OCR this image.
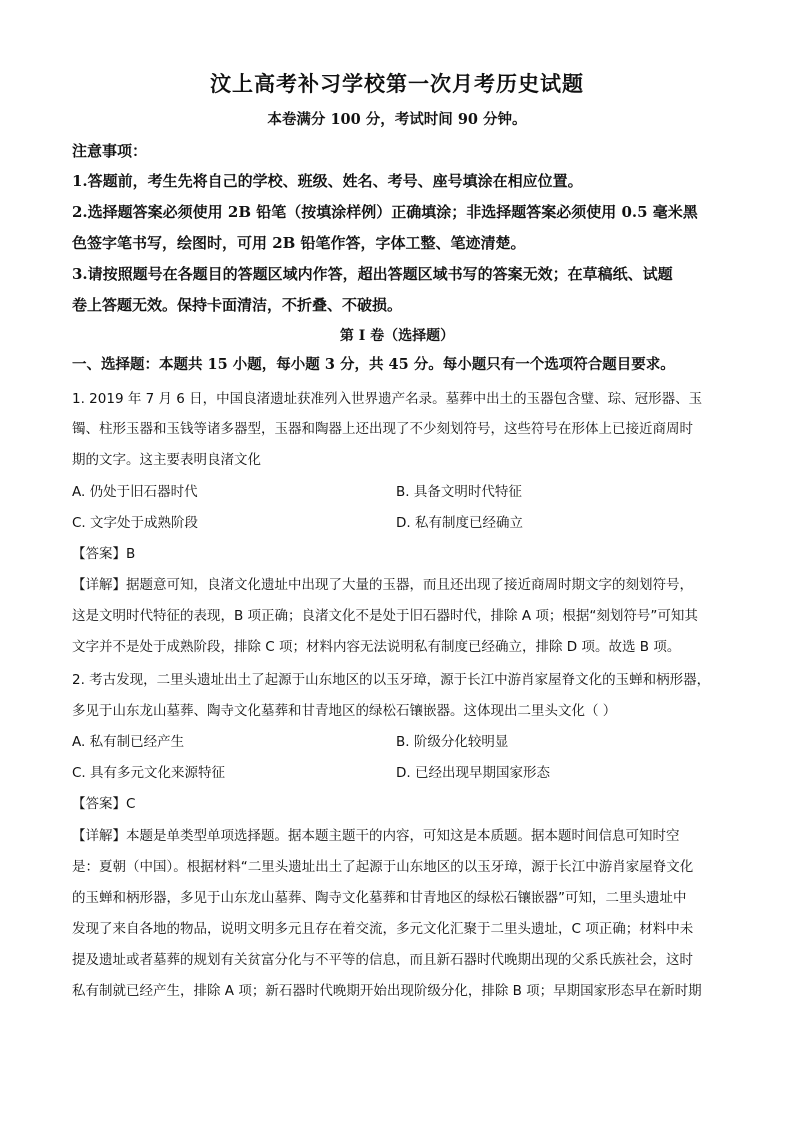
汶上高考补习学校第一次月考历史试题
本卷满分 100 分，考试时间 90 分钟。
注意事项：
1.答题前，考生先将自己的学校、班级、姓名、考号、座号填涂在相应位置。
2.选择题答案必须使用 2B 铅笔（按填涂样例）正确填涂；非选择题答案必须使用 0.5 毫米黑
色签字笔书写，绘图时，可用 2B 铅笔作答，字体工整、笔迹清楚。
3.请按照题号在各题目的答题区域内作答，超出答题区域书写的答案无效；在草稿纸、试题
卷上答题无效。保持卡面清洁，不折叠、不破损。
第 I 卷（选择题）
一、选择题：本题共 15 小题，每小题 3 分，共 45 分。每小题只有一个选项符合题目要求。
1. 2019 年 7 月 6 日，中国良渚遗址获准列入世界遗产名录。墓葬中出土的玉器包含璧、琮、冠形器、玉
镯、柱形玉器和玉钱等诸多器型，玉器和陶器上还出现了不少刻划符号，这些符号在形体上已接近商周时
期的文字。这主要表明良渚文化
A. 仍处于旧石器时代	B. 具备文明时代特征
C. 文字处于成熟阶段	D. 私有制度已经确立
【答案】B
【详解】据题意可知，良渚文化遗址中出现了大量的玉器，而且还出现了接近商周时期文字的刻划符号，
这是文明时代特征的表现，B 项正确；良渚文化不是处于旧石器时代，排除 A 项；根据“刻划符号”可知其
文字并不是处于成熟阶段，排除 C 项；材料内容无法说明私有制度已经确立，排除 D 项。故选 B 项。
2. 考古发现，二里头遗址出土了起源于山东地区的以玉牙璋，源于长江中游肖家屋脊文化的玉蝉和柄形器，
多见于山东龙山墓葬、陶寺文化墓葬和甘青地区的绿松石镶嵌器。这体现出二里头文化（ ）
A. 私有制已经产生	B. 阶级分化较明显
C. 具有多元文化来源特征	D. 已经出现早期国家形态
【答案】C
【详解】本题是单类型单项选择题。据本题主题干的内容，可知这是本质题。据本题时间信息可知时空
是：夏朝（中国）。根据材料“二里头遗址出土了起源于山东地区的以玉牙璋，源于长江中游肖家屋脊文化
的玉蝉和柄形器，多见于山东龙山墓葬、陶寺文化墓葬和甘青地区的绿松石镶嵌器”可知，二里头遗址中
发现了来自各地的物品，说明文明多元且存在着交流，多元文化汇聚于二里头遗址，C 项正确；材料中未
提及遗址或者墓葬的规划有关贫富分化与不平等的信息，而且新石器时代晚期出现的父系氏族社会，这时
私有制就已经产生，排除 A 项；新石器时代晚期开始出现阶级分化，排除 B 项；早期国家形态早在新时期
